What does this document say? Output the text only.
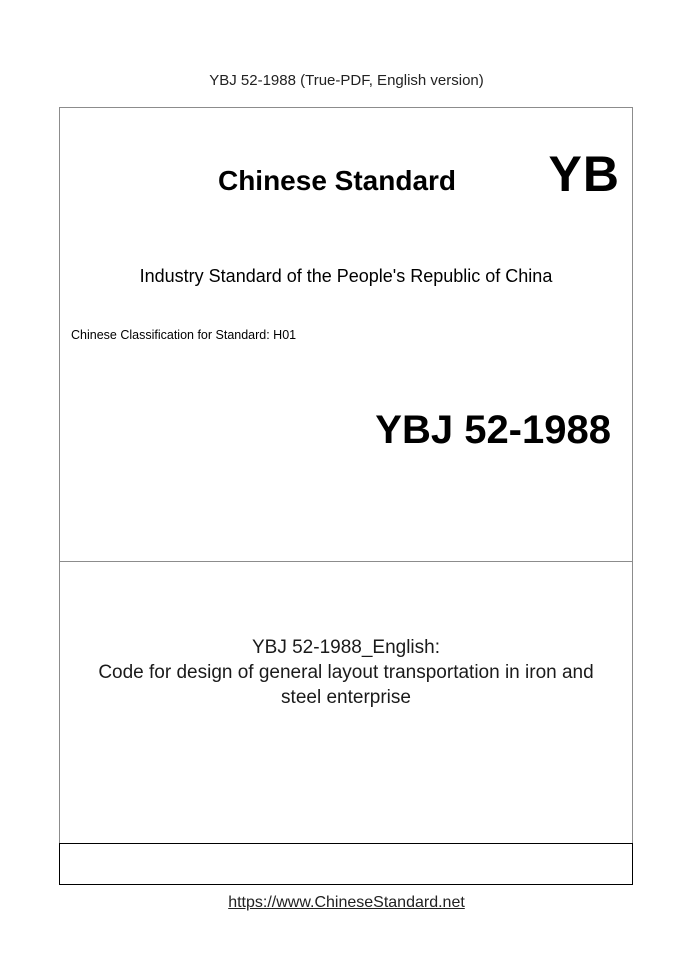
YBJ 52-1988 (True-PDF, English version)
Chinese Standard	YB
Industry Standard of the People's Republic of China
Chinese Classification for Standard: H01
YBJ 52-1988
YBJ 52-1988_English:
Code for design of general layout transportation in iron and
steel enterprise
https://www.ChineseStandard.net
